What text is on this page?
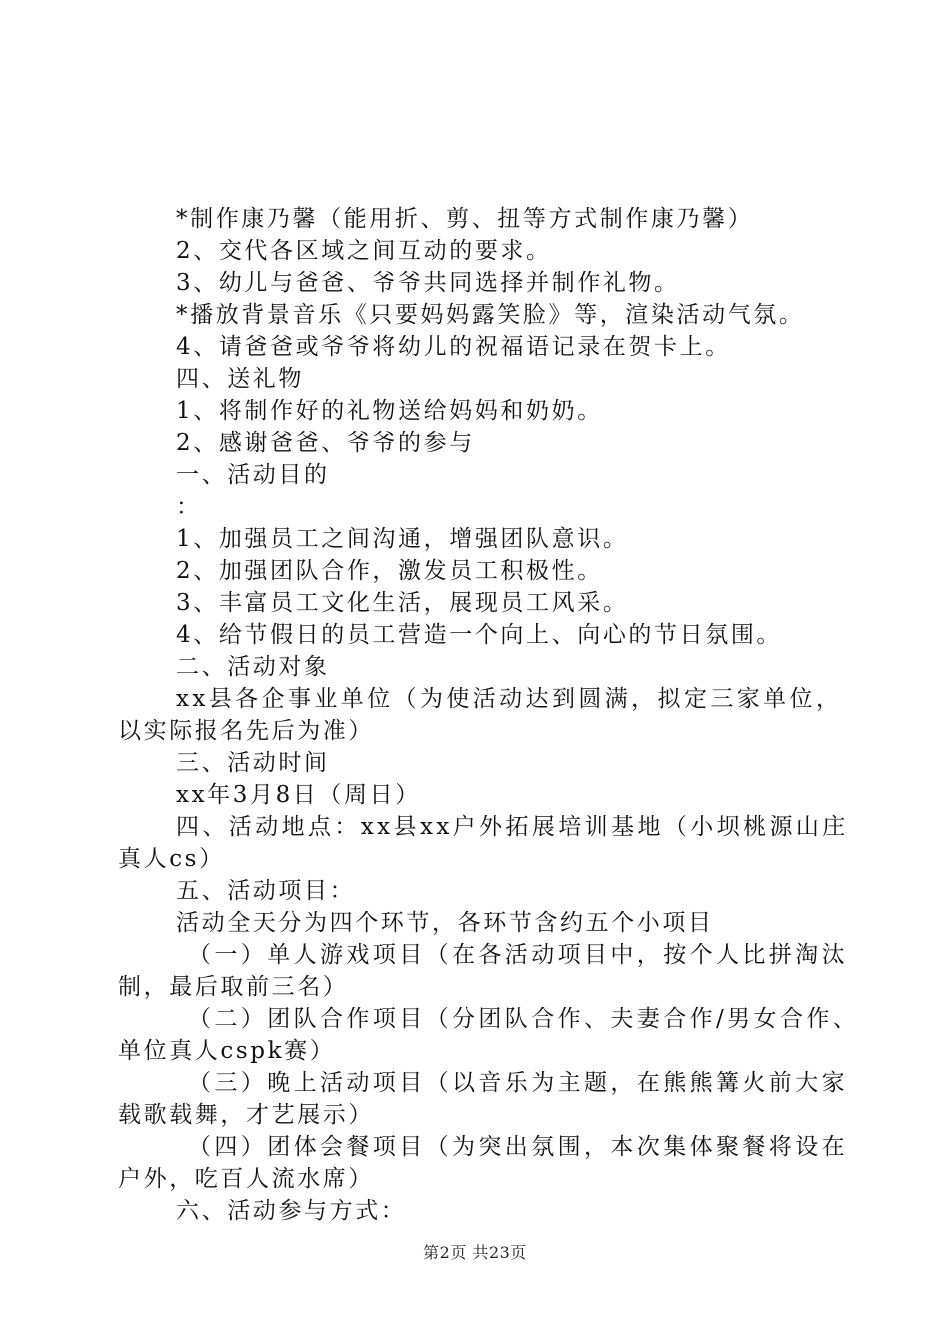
*制作康乃馨（能用折、剪、扭等方式制作康乃馨）
2、交代各区域之间互动的要求。
3、幼儿与爸爸、爷爷共同选择并制作礼物。
*播放背景音乐《只要妈妈露笑脸》等，渲染活动气氛。
4、请爸爸或爷爷将幼儿的祝福语记录在贺卡上。
四、送礼物
1、将制作好的礼物送给妈妈和奶奶。
2、感谢爸爸、爷爷的参与
一、活动目的
：
1、加强员工之间沟通，增强团队意识。
2、加强团队合作，激发员工积极性。
3、丰富员工文化生活，展现员工风采。
4、给节假日的员工营造一个向上、向心的节日氛围。
二、活动对象
xx县各企事业单位（为使活动达到圆满，拟定三家单位，
以实际报名先后为准）
三、活动时间
xx年3月8日（周日）
四、活动地点：xx县xx户外拓展培训基地（小坝桃源山庄
真人cs）
五、活动项目：
活动全天分为四个环节，各环节含约五个小项目
（一）单人游戏项目（在各活动项目中，按个人比拼淘汰
制，最后取前三名）
（二）团队合作项目（分团队合作、夫妻合作/男女合作、
单位真人cspk赛）
（三）晚上活动项目（以音乐为主题，在熊熊篝火前大家
载歌载舞，才艺展示）
（四）团体会餐项目（为突出氛围，本次集体聚餐将设在
户外，吃百人流水席）
六、活动参与方式：
第2页 共23页
